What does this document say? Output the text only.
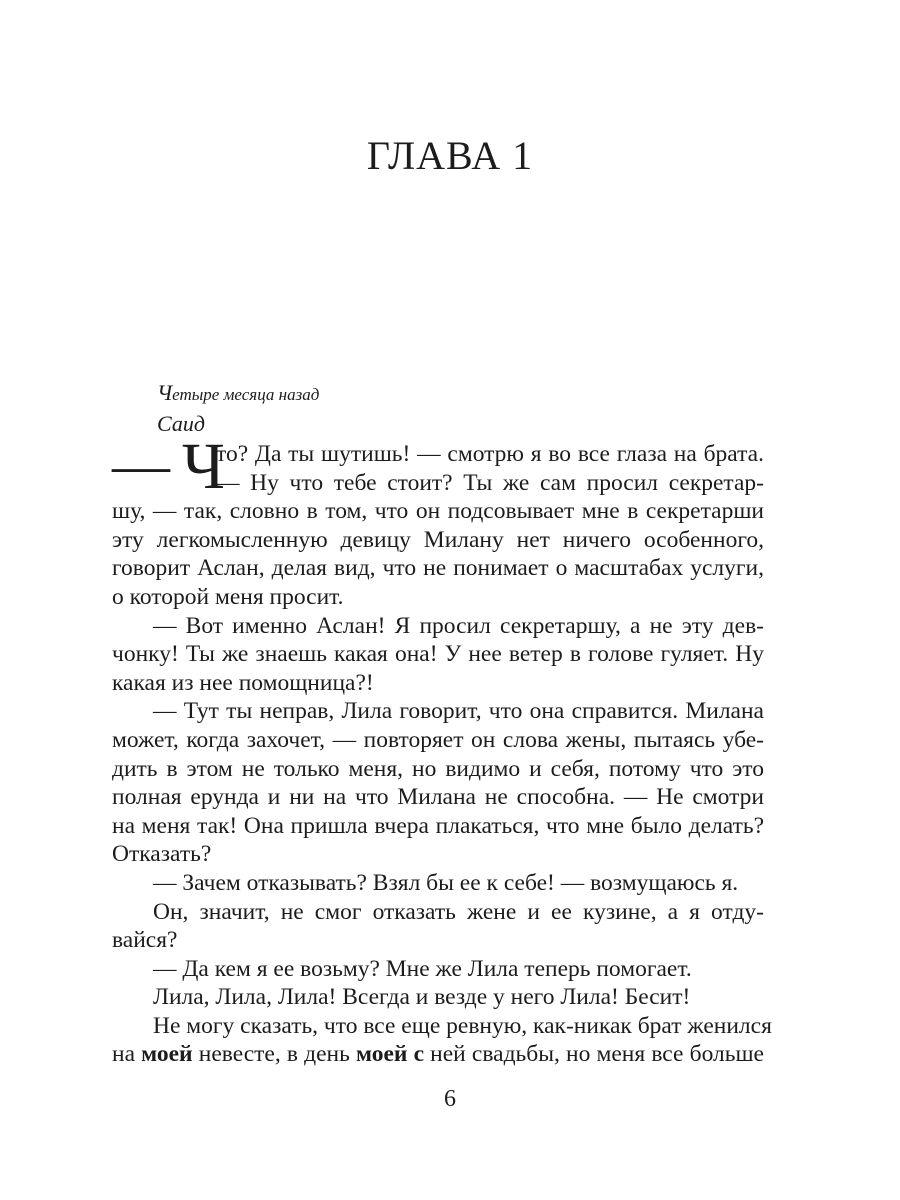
ГЛАВА 1
Четыре месяца назад
Саид
— Ч
то? Да ты шутишь! — смотрю я во все глаза на брата.
— Ну что тебе стоит? Ты же сам просил секретар-
шу, — так, словно в том, что он подсовывает мне в секретарши
эту легкомысленную девицу Милану нет ничего особенного,
говорит Аслан, делая вид, что не понимает о масштабах услуги,
о которой меня просит.
— Вот именно Аслан! Я просил секретаршу, а не эту дев-
чонку! Ты же знаешь какая она! У нее ветер в голове гуляет. Ну
какая из нее помощница?!
— Тут ты неправ, Лила говорит, что она справится. Милана
может, когда захочет, — повторяет он слова жены, пытаясь убе-
дить в этом не только меня, но видимо и себя, потому что это
полная ерунда и ни на что Милана не способна. — Не смотри
на меня так! Она пришла вчера плакаться, что мне было делать?
Отказать?
— Зачем отказывать? Взял бы ее к себе! — возмущаюсь я.
Он, значит, не смог отказать жене и ее кузине, а я отду-
вайся?
— Да кем я ее возьму? Мне же Лила теперь помогает.
Лила, Лила, Лила! Всегда и везде у него Лила! Бесит!
Не могу сказать, что все еще ревную, как-никак брат женился
на моей невесте, в день моей с ней свадьбы, но меня все больше
6
